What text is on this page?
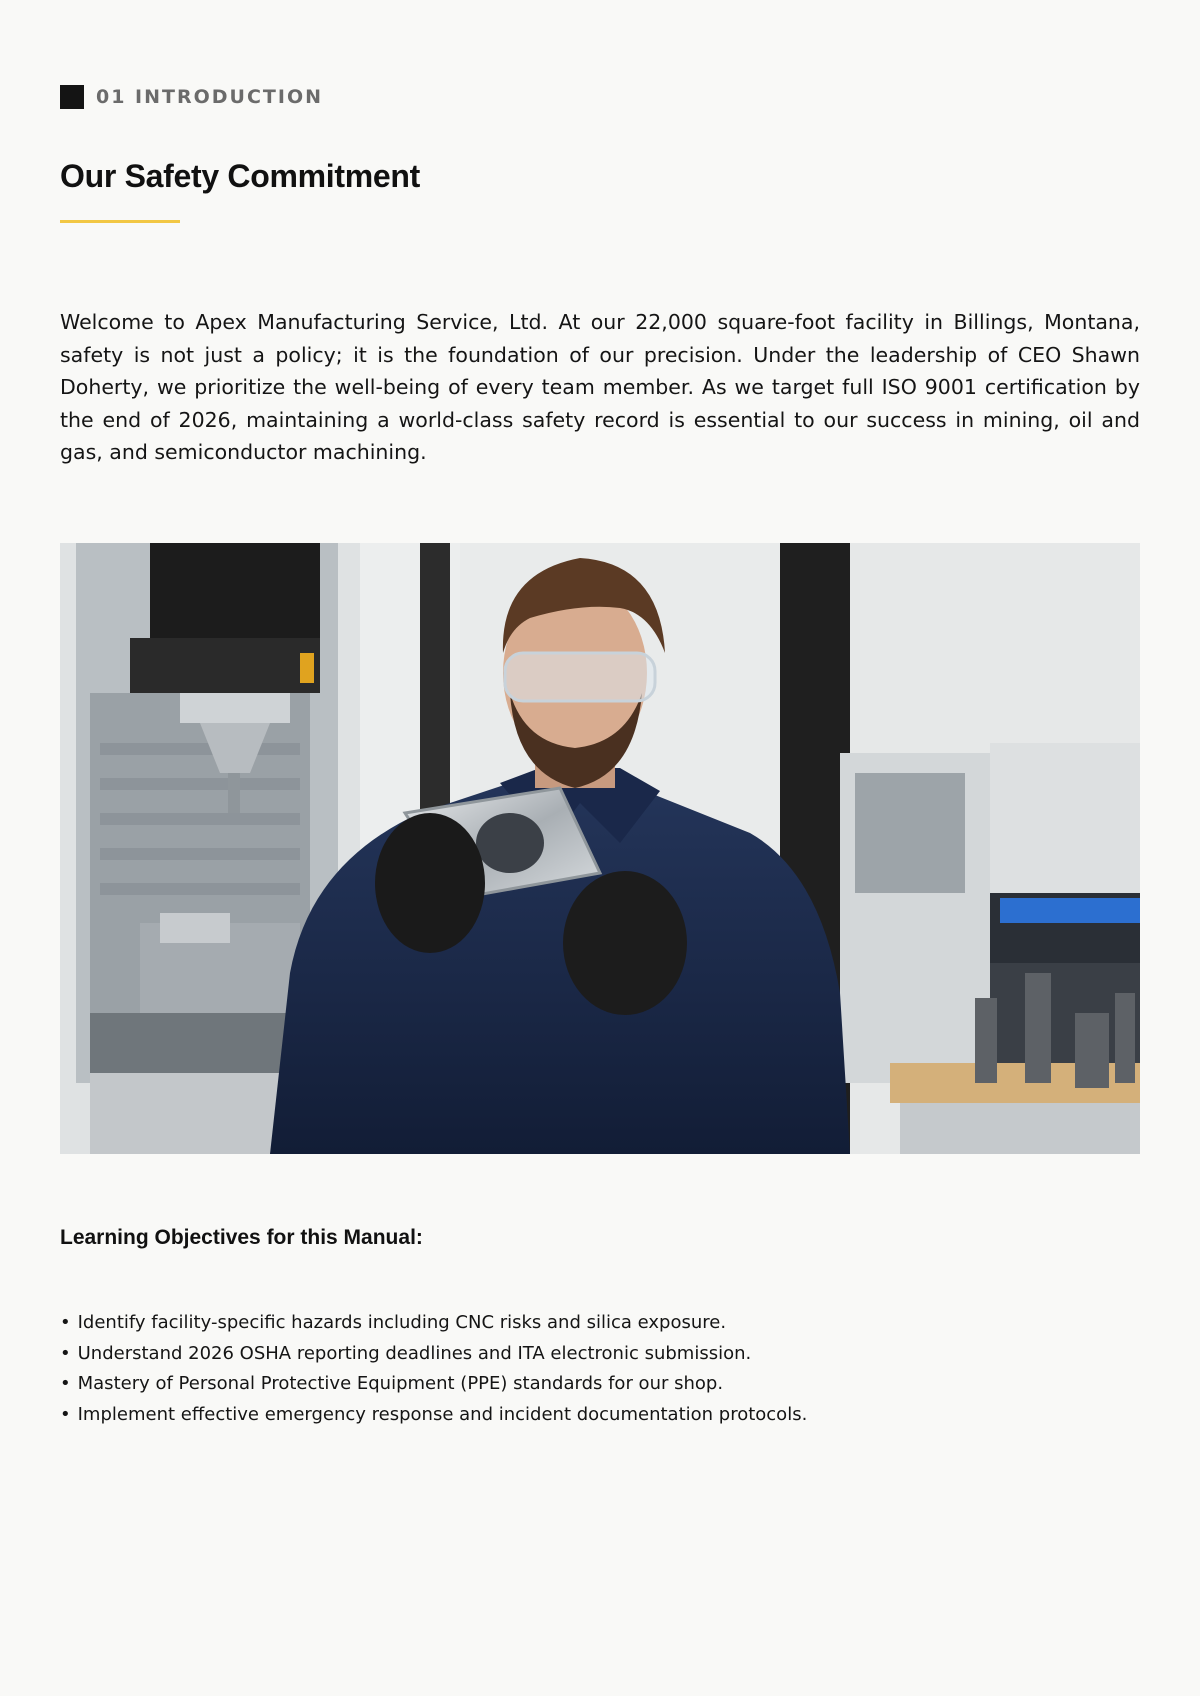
01 INTRODUCTION
Our Safety Commitment

Welcome to Apex Manufacturing Service, Ltd. At our 22,000 square-foot facility in Billings, Montana, safety is not just a policy; it is the foundation of our precision. Under the leadership of CEO Shawn Doherty, we prioritize the well-being of every team member. As we target full ISO 9001 certification by the end of 2026, maintaining a world-class safety record is essential to our success in mining, oil and gas, and semiconductor machining.

Learning Objectives for this Manual:
• Identify facility-specific hazards including CNC risks and silica exposure.
• Understand 2026 OSHA reporting deadlines and ITA electronic submission.
• Mastery of Personal Protective Equipment (PPE) standards for our shop.
• Implement effective emergency response and incident documentation protocols.
